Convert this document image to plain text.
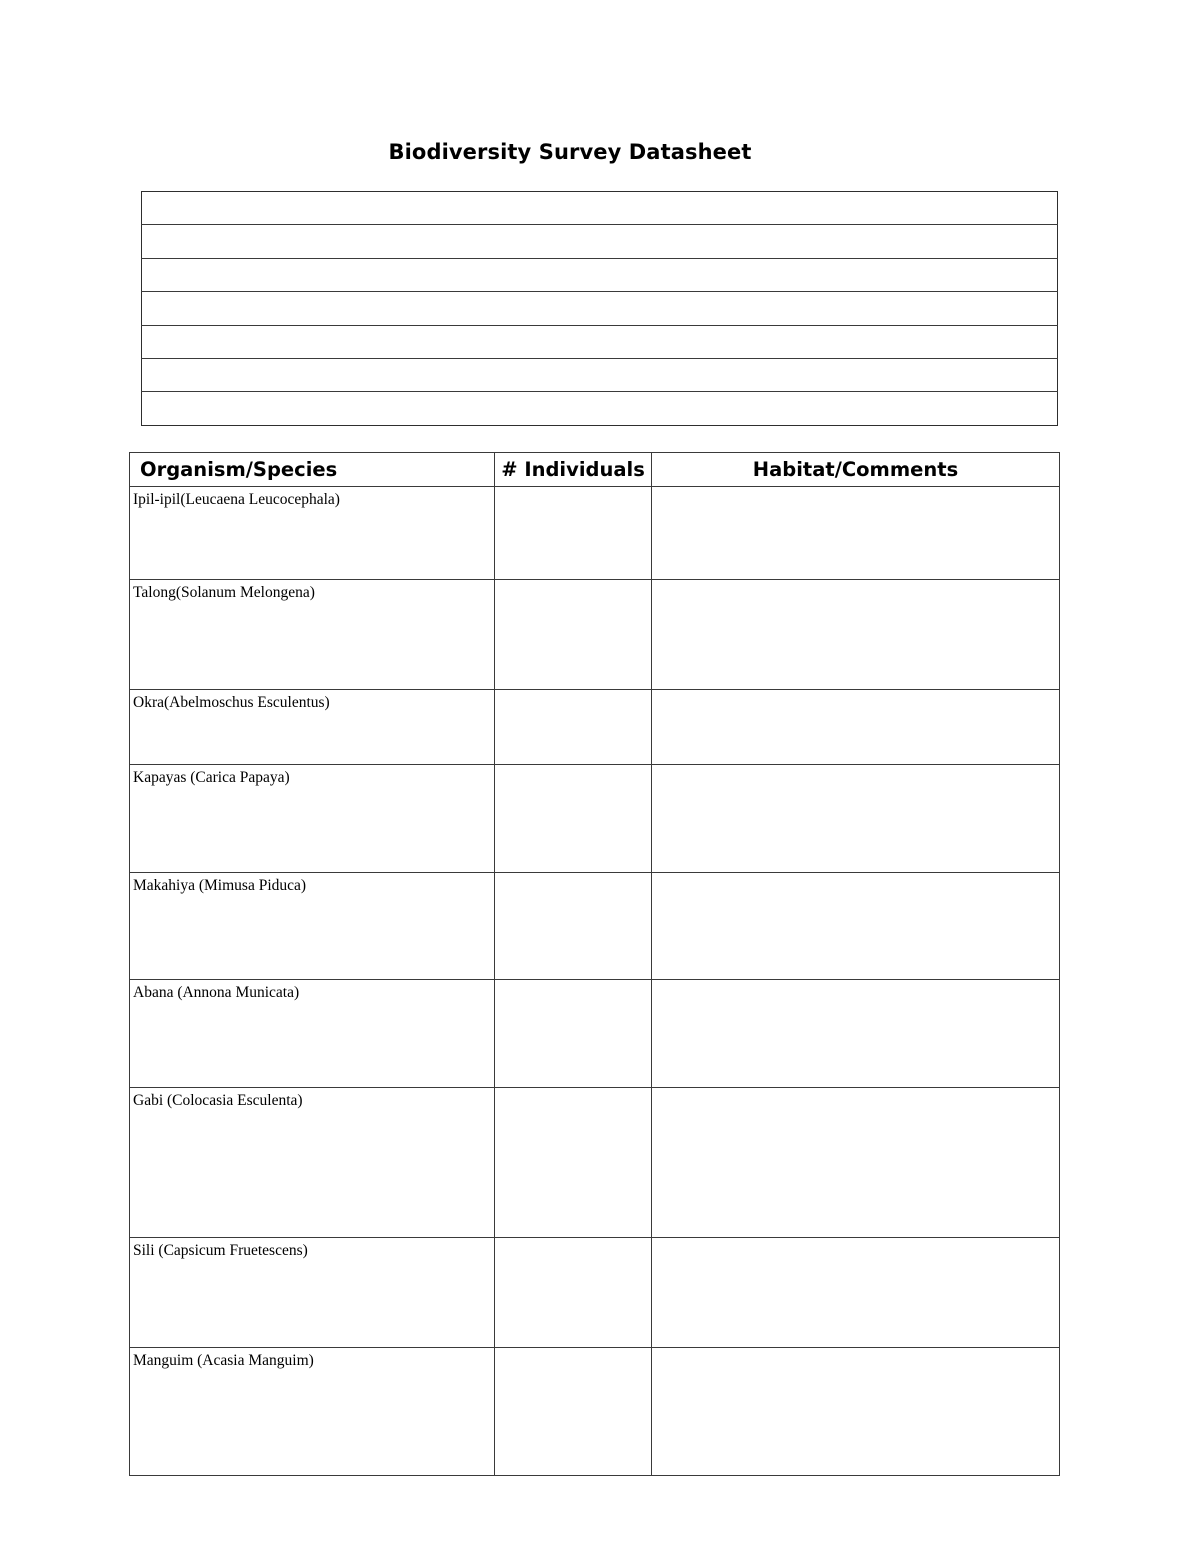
Biodiversity Survey Datasheet

Organism/Species	# Individuals	Habitat/Comments
Ipil-ipil(Leucaena Leucocephala)		
Talong(Solanum Melongena)		
Okra(Abelmoschus Esculentus)		
Kapayas (Carica Papaya)		
Makahiya (Mimusa Piduca)		
Abana (Annona Municata)		
Gabi (Colocasia Esculenta)		
Sili (Capsicum Fruetescens)		
Manguim (Acasia Manguim)		
